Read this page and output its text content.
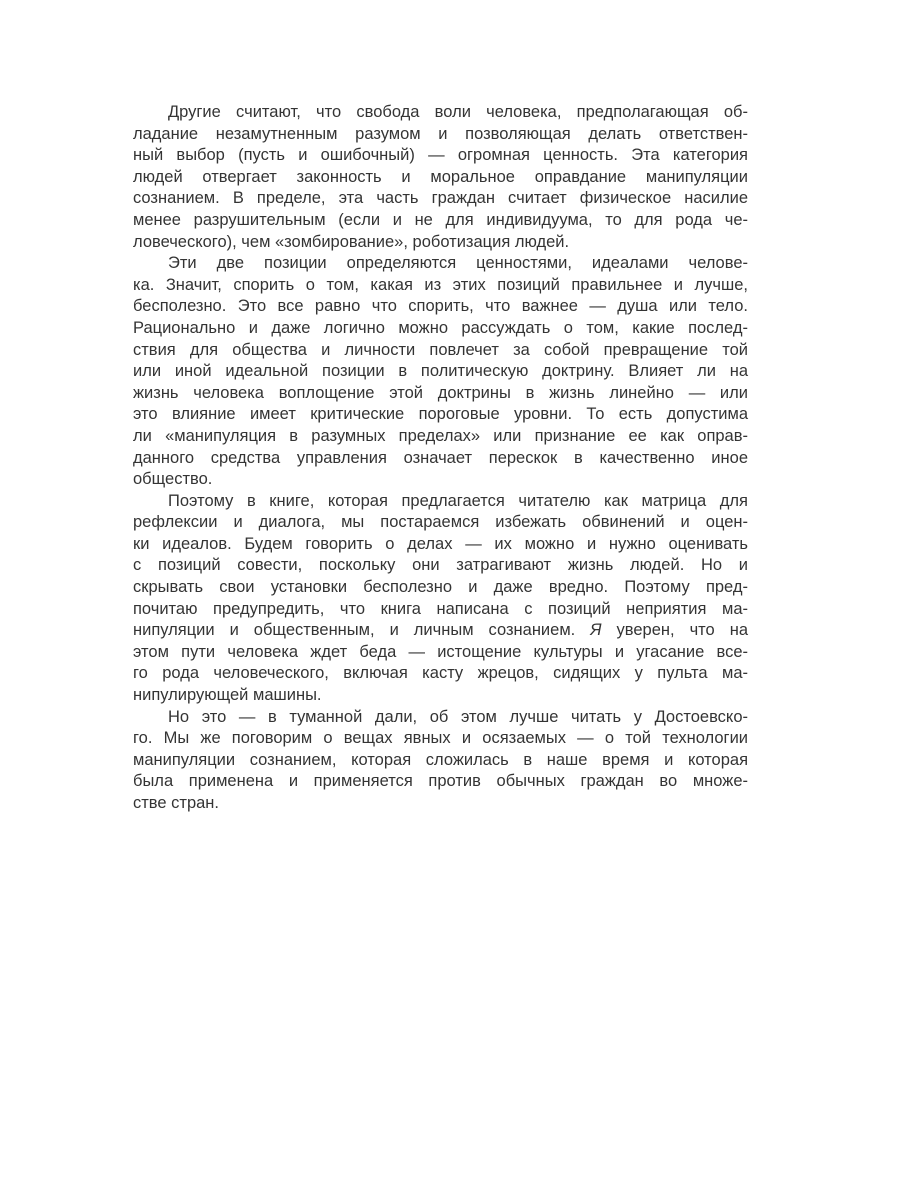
Другие считают, что свобода воли человека, предполагающая об-
ладание незамутненным разумом и позволяющая делать ответствен-
ный выбор (пусть и ошибочный) — огромная ценность. Эта категория
людей отвергает законность и моральное оправдание манипуляции
сознанием. В пределе, эта часть граждан считает физическое насилие
менее разрушительным (если и не для индивидуума, то для рода че-
ловеческого), чем «зомбирование», роботизация людей.
Эти две позиции определяются ценностями, идеалами челове-
ка. Значит, спорить о том, какая из этих позиций правильнее и лучше,
бесполезно. Это все равно что спорить, что важнее — душа или тело.
Рационально и даже логично можно рассуждать о том, какие послед-
ствия для общества и личности повлечет за собой превращение той
или иной идеальной позиции в политическую доктрину. Влияет ли на
жизнь человека воплощение этой доктрины в жизнь линейно — или
это влияние имеет критические пороговые уровни. То есть допустима
ли «манипуляция в разумных пределах» или признание ее как оправ-
данного средства управления означает перескок в качественно иное
общество.
Поэтому в книге, которая предлагается читателю как матрица для
рефлексии и диалога, мы постараемся избежать обвинений и оцен-
ки идеалов. Будем говорить о делах — их можно и нужно оценивать
с позиций совести, поскольку они затрагивают жизнь людей. Но и
скрывать свои установки бесполезно и даже вредно. Поэтому пред-
почитаю предупредить, что книга написана с позиций неприятия ма-
нипуляции и общественным, и личным сознанием. Я уверен, что на
этом пути человека ждет беда — истощение культуры и угасание все-
го рода человеческого, включая касту жрецов, сидящих у пульта ма-
нипулирующей машины.
Но это — в туманной дали, об этом лучше читать у Достоевско-
го. Мы же поговорим о вещах явных и осязаемых — о той технологии
манипуляции сознанием, которая сложилась в наше время и которая
была применена и применяется против обычных граждан во множе-
стве стран.
